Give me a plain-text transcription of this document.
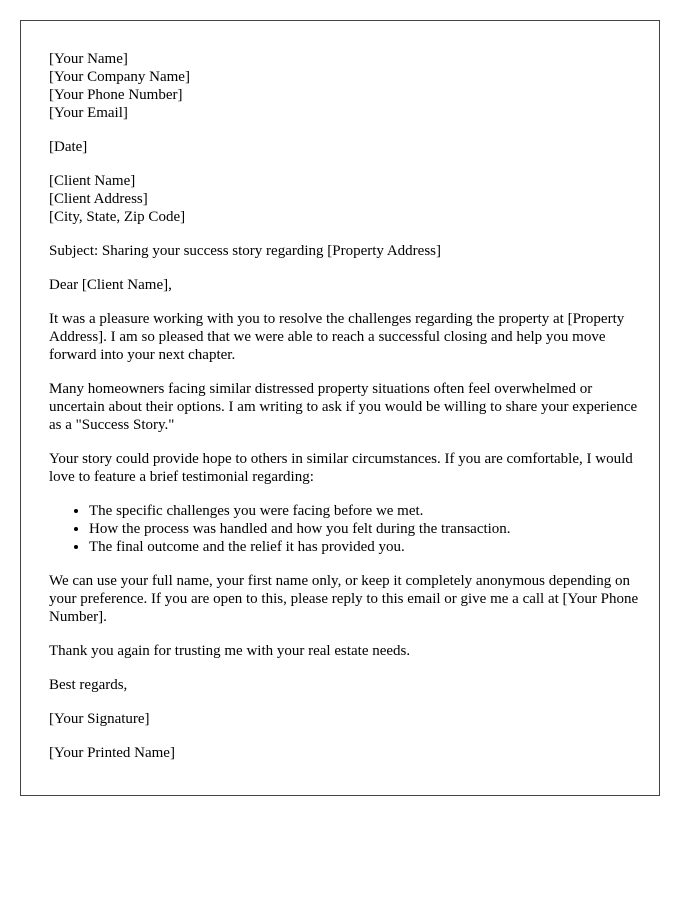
[Your Name]
[Your Company Name]
[Your Phone Number]
[Your Email]

[Date]

[Client Name]
[Client Address]
[City, State, Zip Code]

Subject: Sharing your success story regarding [Property Address]

Dear [Client Name],

It was a pleasure working with you to resolve the challenges regarding the property at [Property Address]. I am so pleased that we were able to reach a successful closing and help you move forward into your next chapter.

Many homeowners facing similar distressed property situations often feel overwhelmed or uncertain about their options. I am writing to ask if you would be willing to share your experience as a "Success Story."

Your story could provide hope to others in similar circumstances. If you are comfortable, I would love to feature a brief testimonial regarding:

• The specific challenges you were facing before we met.
• How the process was handled and how you felt during the transaction.
• The final outcome and the relief it has provided you.

We can use your full name, your first name only, or keep it completely anonymous depending on your preference. If you are open to this, please reply to this email or give me a call at [Your Phone Number].

Thank you again for trusting me with your real estate needs.

Best regards,

[Your Signature]

[Your Printed Name]
